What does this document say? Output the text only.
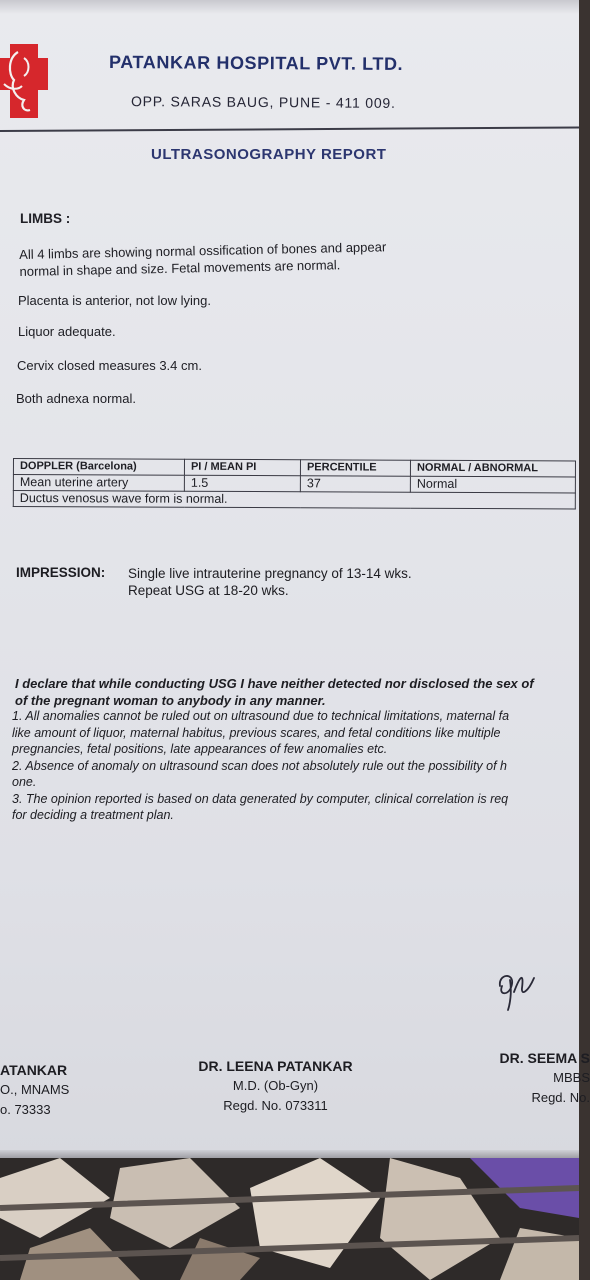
PATANKAR HOSPITAL PVT. LTD.
OPP. SARAS BAUG, PUNE - 411 009.
ULTRASONOGRAPHY REPORT
LIMBS :
All 4 limbs are showing normal ossification of bones and appear
normal in shape and size. Fetal movements are normal.
Placenta is anterior, not low lying.
Liquor adequate.
Cervix closed measures 3.4 cm.
Both adnexa normal.
DOPPLER (Barcelona)	PI / MEAN PI	PERCENTILE	NORMAL / ABNORMAL
Mean uterine artery	1.5	37	Normal
Ductus venosus wave form is normal.			
IMPRESSION: Single live intrauterine pregnancy of 13-14 wks.
Repeat USG at 18-20 wks.
I declare that while conducting USG I have neither detected nor disclosed the sex of
of the pregnant woman to anybody in any manner.
1. All anomalies cannot be ruled out on ultrasound due to technical limitations, maternal fa
like amount of liquor, maternal habitus, previous scares, and fetal conditions like multiple
pregnancies, fetal positions, late appearances of few anomalies etc.
2. Absence of anomaly on ultrasound scan does not absolutely rule out the possibility of h
one.
3. The opinion reported is based on data generated by computer, clinical correlation is req
for deciding a treatment plan.
ATANKAR
O., MNAMS
o. 73333
DR. LEENA PATANKAR
M.D. (Ob-Gyn)
Regd. No. 073311
DR. SEEMA S
MBBS
Regd. No.
